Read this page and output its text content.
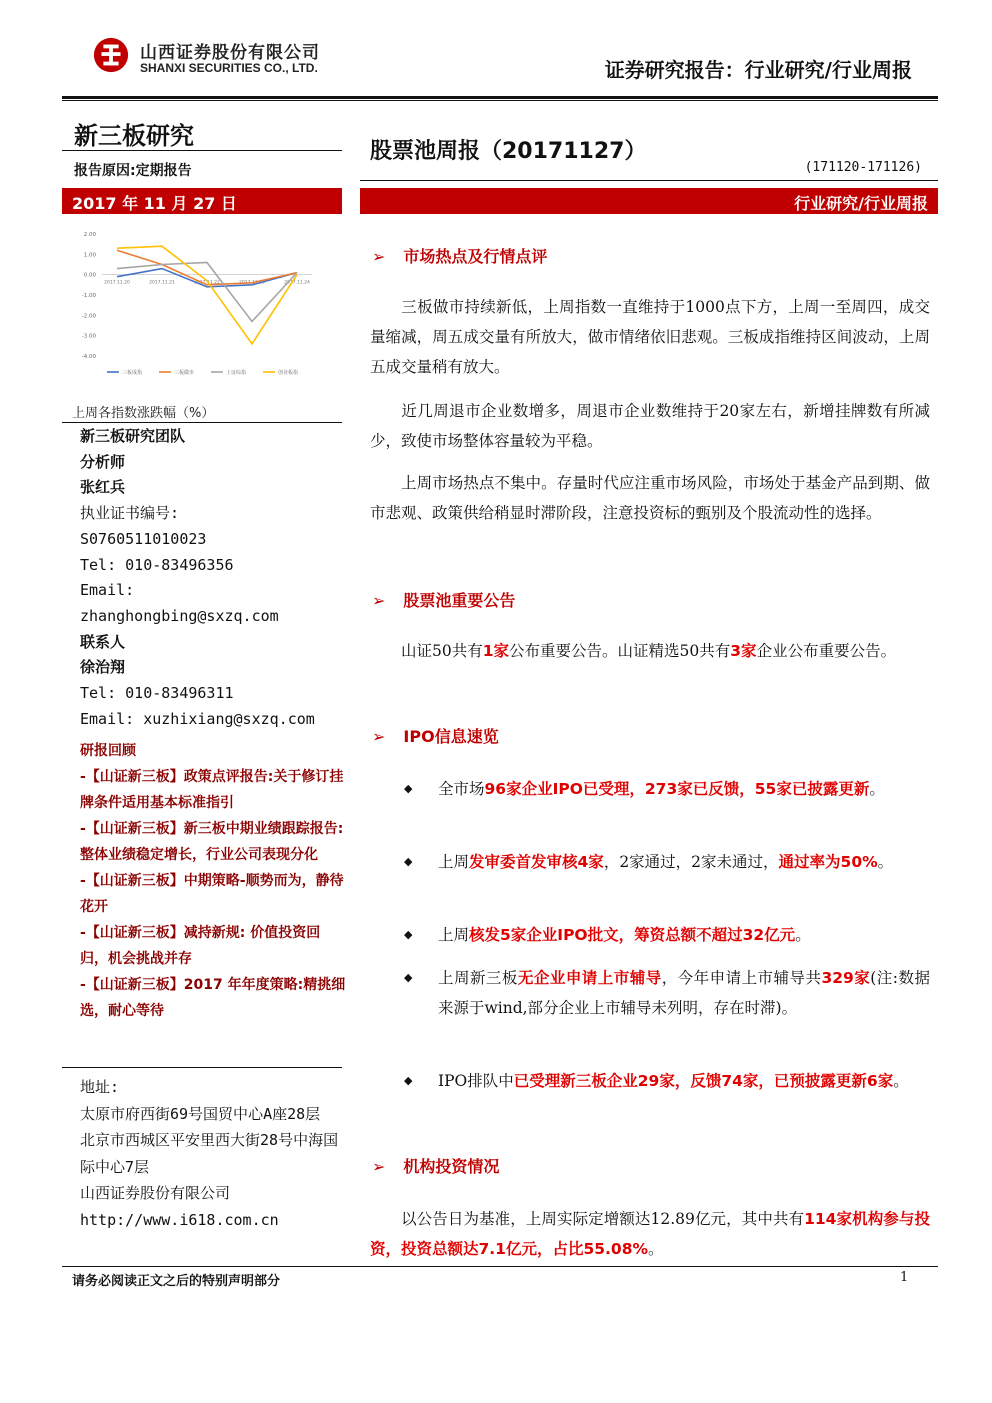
山西证券股份有限公司
SHANXI SECURITIES CO., LTD.	证券研究报告：行业研究/行业周报
新三板研究
报告原因:定期报告
2017 年 11 月 27 日
股票池周报（20171127）
(171120-171126)
行业研究/行业周报
2.00
1.00
0.00
-1.00
-2.00
-3.00
-4.00
2017.11.20	2017.11.21	2017.11.22	2017.11.23	2017.11.24
三板成指	三板做市	上证综指	创业板指
上周各指数涨跌幅（%）
新三板研究团队
分析师
张红兵
执业证书编号:
S0760511010023
Tel: 010-83496356
Email:
zhanghongbing@sxzq.com
联系人
徐治翔
Tel: 010-83496311
Email: xuzhixiang@sxzq.com
研报回顾
-【山证新三板】政策点评报告:关于修订挂牌条件适用基本标准指引
-【山证新三板】新三板中期业绩跟踪报告:整体业绩稳定增长，行业公司表现分化
-【山证新三板】中期策略-顺势而为，静待花开
-【山证新三板】减持新规: 价值投资回归，机会挑战并存
-【山证新三板】2017 年年度策略:精挑细选，耐心等待
地址:
太原市府西街69号国贸中心A座28层
北京市西城区平安里西大街28号中海国际中心7层
山西证券股份有限公司
http://www.i618.com.cn
➢ 市场热点及行情点评
三板做市持续新低，上周指数一直维持于1000点下方，上周一至周四，成交量缩减，周五成交量有所放大，做市情绪依旧悲观。三板成指维持区间波动，上周五成交量稍有放大。
近几周退市企业数增多，周退市企业数维持于20家左右，新增挂牌数有所减少，致使市场整体容量较为平稳。
上周市场热点不集中。存量时代应注重市场风险，市场处于基金产品到期、做市悲观、政策供给稍显时滞阶段，注意投资标的甄别及个股流动性的选择。
➢ 股票池重要公告
山证50共有1家公布重要公告。山证精选50共有3家企业公布重要公告。
➢ IPO信息速览
◆ 全市场96家企业IPO已受理，273家已反馈，55家已披露更新。
◆ 上周发审委首发审核4家，2家通过，2家未通过，通过率为50%。
◆ 上周核发5家企业IPO批文，筹资总额不超过32亿元。
◆ 上周新三板无企业申请上市辅导，今年申请上市辅导共329家(注:数据来源于wind,部分企业上市辅导未列明，存在时滞)。
◆ IPO排队中已受理新三板企业29家，反馈74家，已预披露更新6家。
➢ 机构投资情况
以公告日为基准，上周实际定增额达12.89亿元，其中共有114家机构参与投资，投资总额达7.1亿元，占比55.08%。
请务必阅读正文之后的特别声明部分	1
